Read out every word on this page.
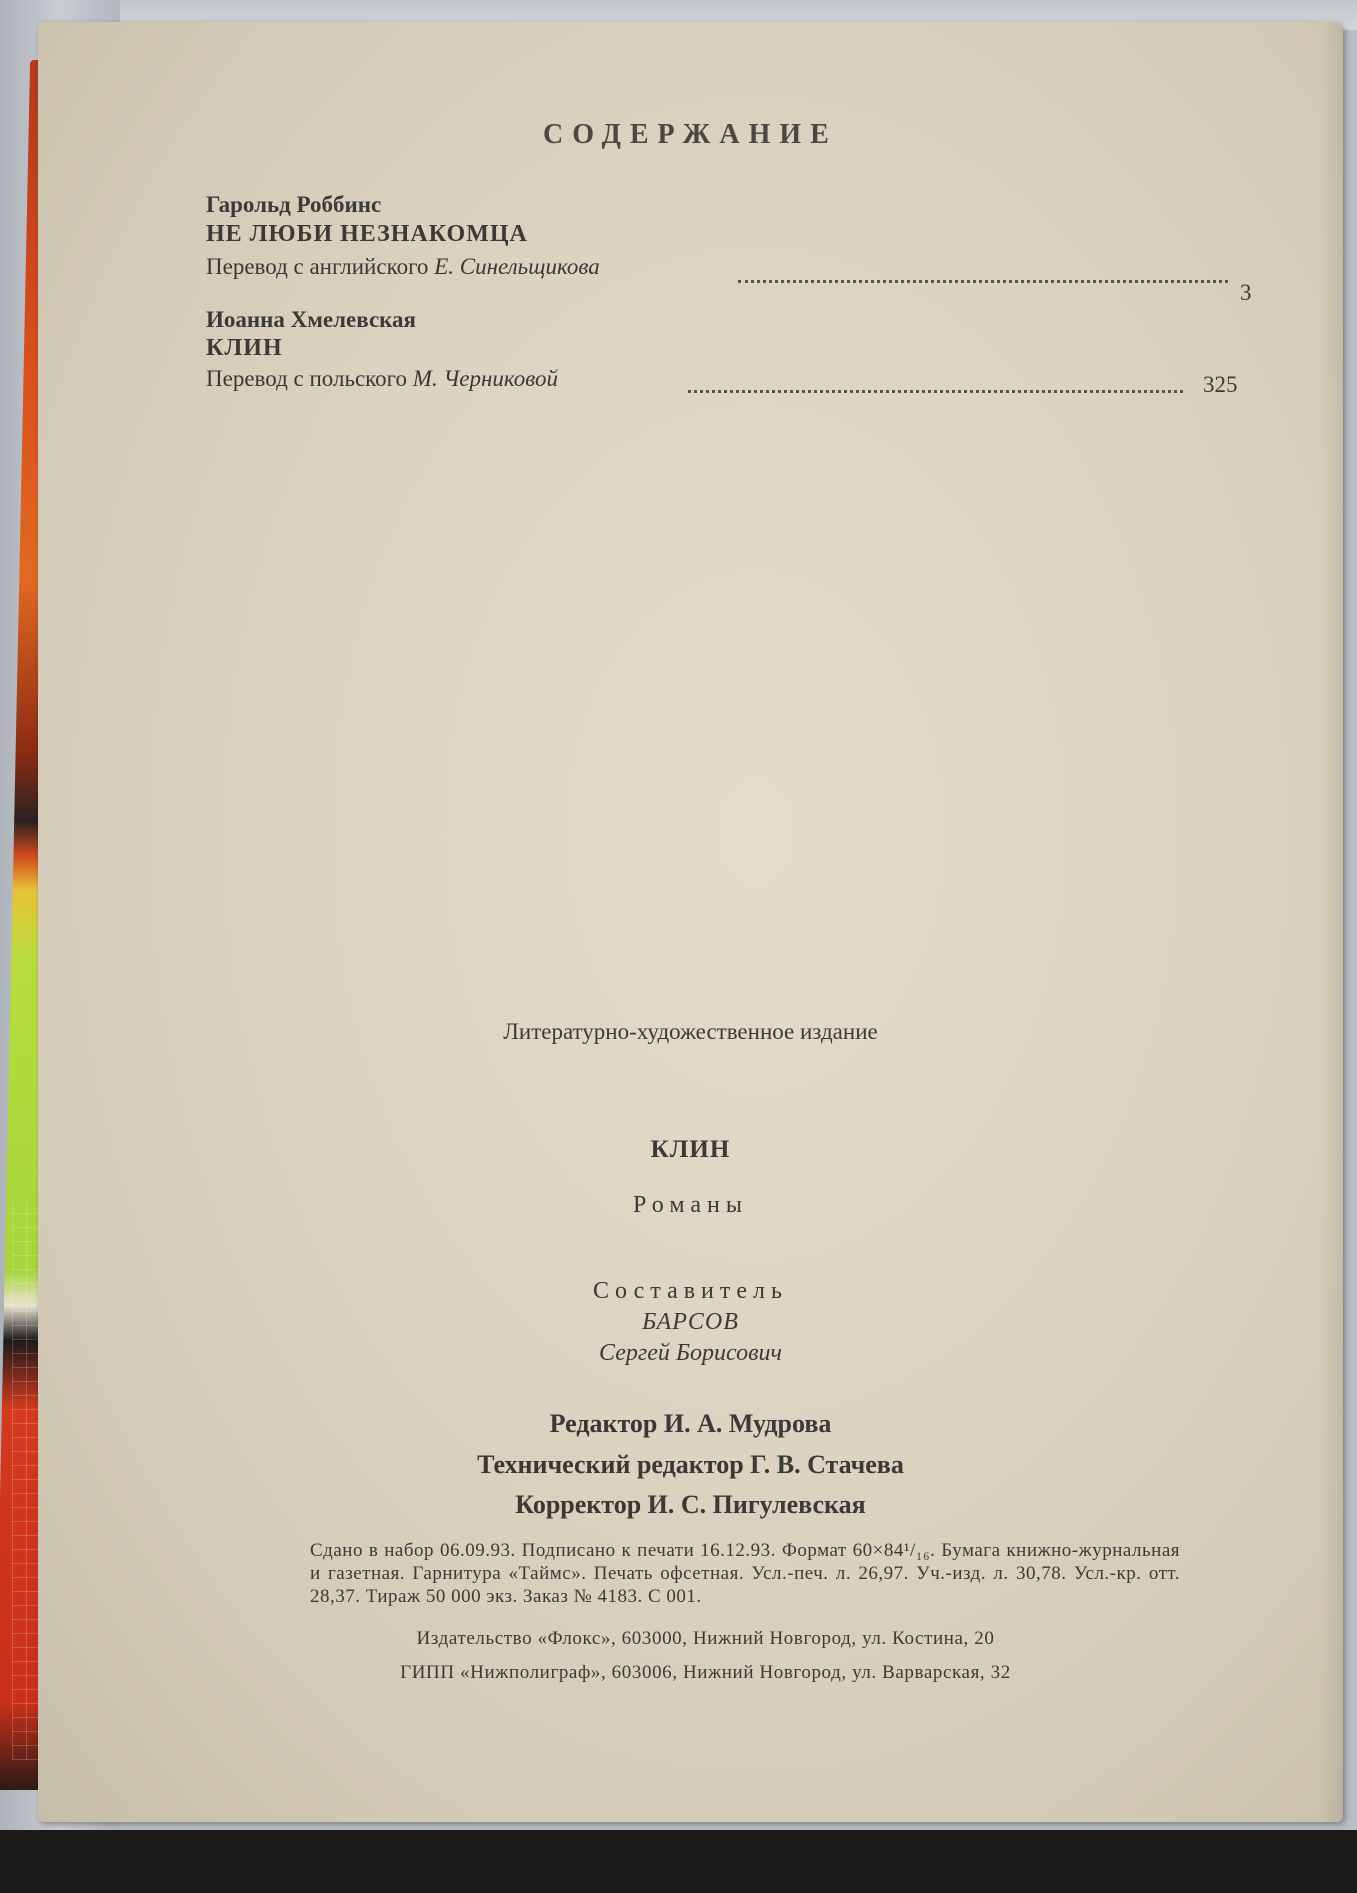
СОДЕРЖАНИЕ
Гарольд Роббинс
НЕ ЛЮБИ НЕЗНАКОМЦА
Перевод с английского Е. Синельщикова
3
Иоанна Хмелевская
КЛИН
Перевод с польского М. Черниковой	325
Литературно-художественное издание
КЛИН
Романы
Составитель
БАРСОВ
Сергей Борисович
Редактор И. А. Мудрова
Технический редактор Г. В. Стачева
Корректор И. С. Пигулевская
Сдано в набор 06.09.93. Подписано к печати 16.12.93. Формат 60×84¹/₁₆. Бумага книжно-журнальная и газетная. Гарнитура «Таймс». Печать офсетная. Усл.-печ. л. 26,97. Уч.-изд. л. 30,78. Усл.-кр. отт. 28,37. Тираж 50 000 экз. Заказ № 4183. С 001.
Издательство «Флокс», 603000, Нижний Новгород, ул. Костина, 20
ГИПП «Нижполиграф», 603006, Нижний Новгород, ул. Варварская, 32
